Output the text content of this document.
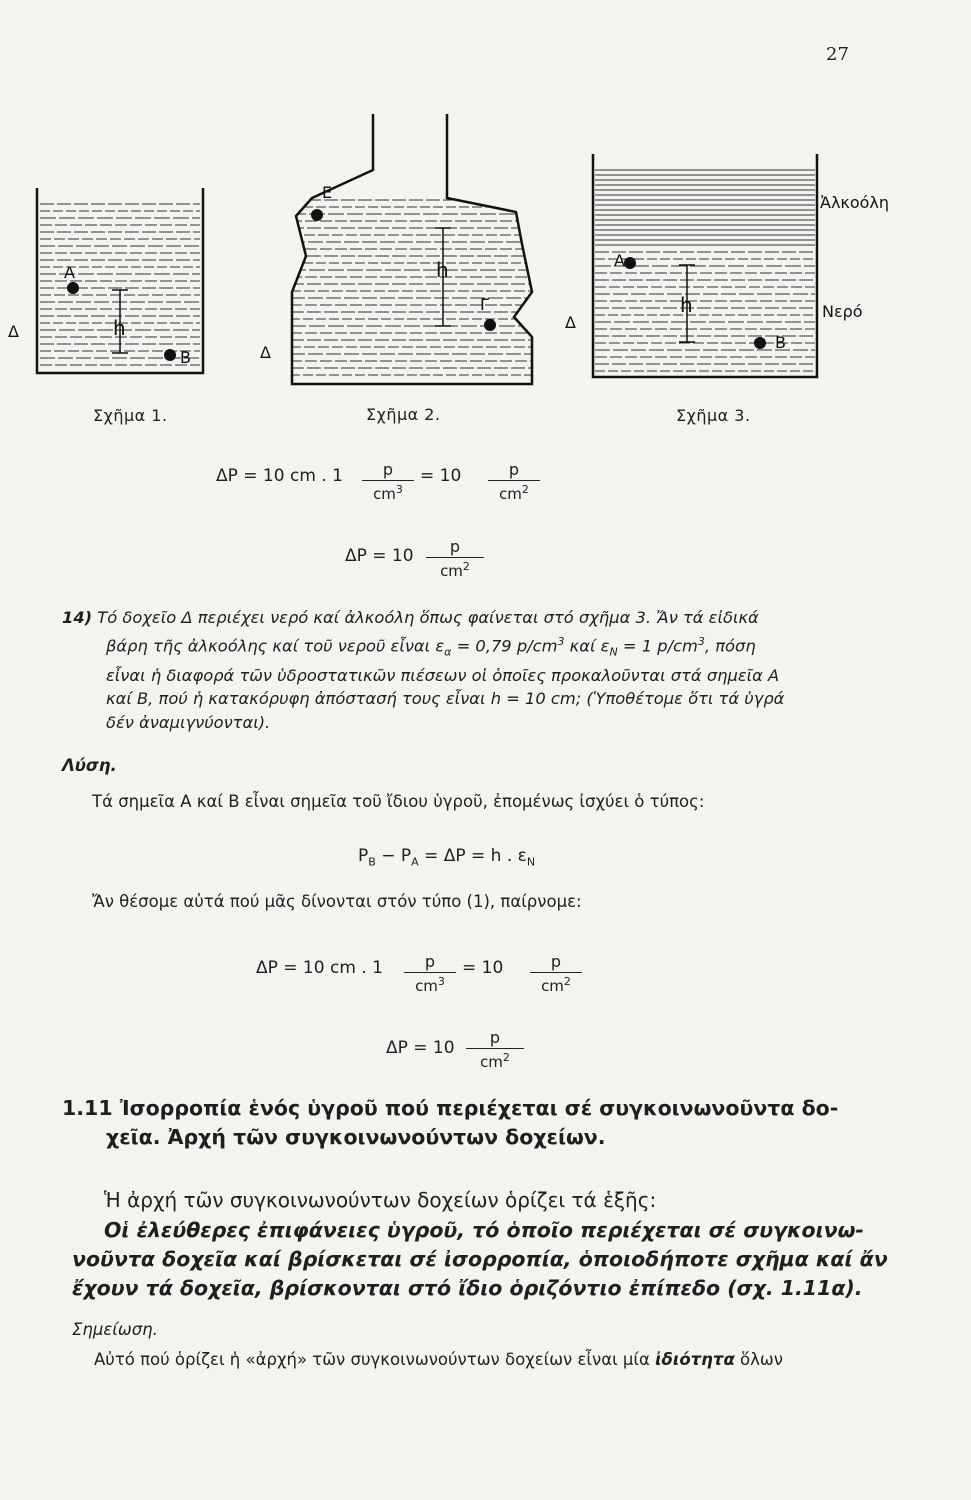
27
A
B
h
Δ
E
Γ
h
Δ
A
B
h
Δ
Ἀλκοόλη
Νερό
Σχῆμα 1.	Σχῆμα 2.	Σχῆμα 3.
ΔP = 10 cm . 1	p
$cm^3$
= 10	p
$cm^2$
ΔP = 10	p
$cm^2$
14) Τό δοχεῖο Δ περιέχει νερό καί ἀλκοόλη ὅπως φαίνεται στό σχῆμα 3. Ἄν τά εἰδικά
βάρη τῆς ἀλκοόλης καί τοῦ νεροῦ εἶναι $\varepsilon_\alpha = 0,79$ $p/cm^3$ καί $\varepsilon_N = 1$ $p/cm^3$, πόση
εἶναι ἡ διαφορά τῶν ὑδροστατικῶν πιέσεων οἱ ὁποῖες προκαλοῦνται στά σημεῖα A
καί B, πού ἡ κατακόρυφη ἀπόστασή τους εἶναι h = 10 cm; (Ὑποθέτομε ὅτι τά ὑγρά
δέν ἀναμιγνύονται).
Λύση.
Τά σημεῖα A καί B εἶναι σημεῖα τοῦ ἴδιου ὑγροῦ, ἐπομένως ἰσχύει ὁ τύπος:
$P_B - P_A = \Delta P = h$ . $\varepsilon_N$
Ἄν θέσομε αὐτά πού μᾶς δίνονται στόν τύπο (1), παίρνομε:
ΔP = 10 cm . 1	p
$cm^3$
= 10	p
$cm^2$
ΔP = 10
p
$cm^2$
1.11 Ἰσορροπία ἑνός ὑγροῦ πού περιέχεται σέ συγκοινωνοῦντα δο-
χεῖα. Ἀρχή τῶν συγκοινωνούντων δοχείων.
Ἡ ἀρχή τῶν συγκοινωνούντων δοχείων ὁρίζει τά ἑξῆς:
Οἱ ἐλεύθερες ἐπιφάνειες ὑγροῦ, τό ὁποῖο περιέχεται σέ συγκοινω-
νοῦντα δοχεῖα καί βρίσκεται σέ ἰσορροπία, ὁποιοδήποτε σχῆμα καί ἄν
ἔχουν τά δοχεῖα, βρίσκονται στό ἴδιο ὁριζόντιο ἐπίπεδο (σχ. 1.11α).
Σημείωση.
Αὐτό πού ὁρίζει ἡ «ἀρχή» τῶν συγκοινωνούντων δοχείων εἶναι μία ἰδιότητα ὅλων
